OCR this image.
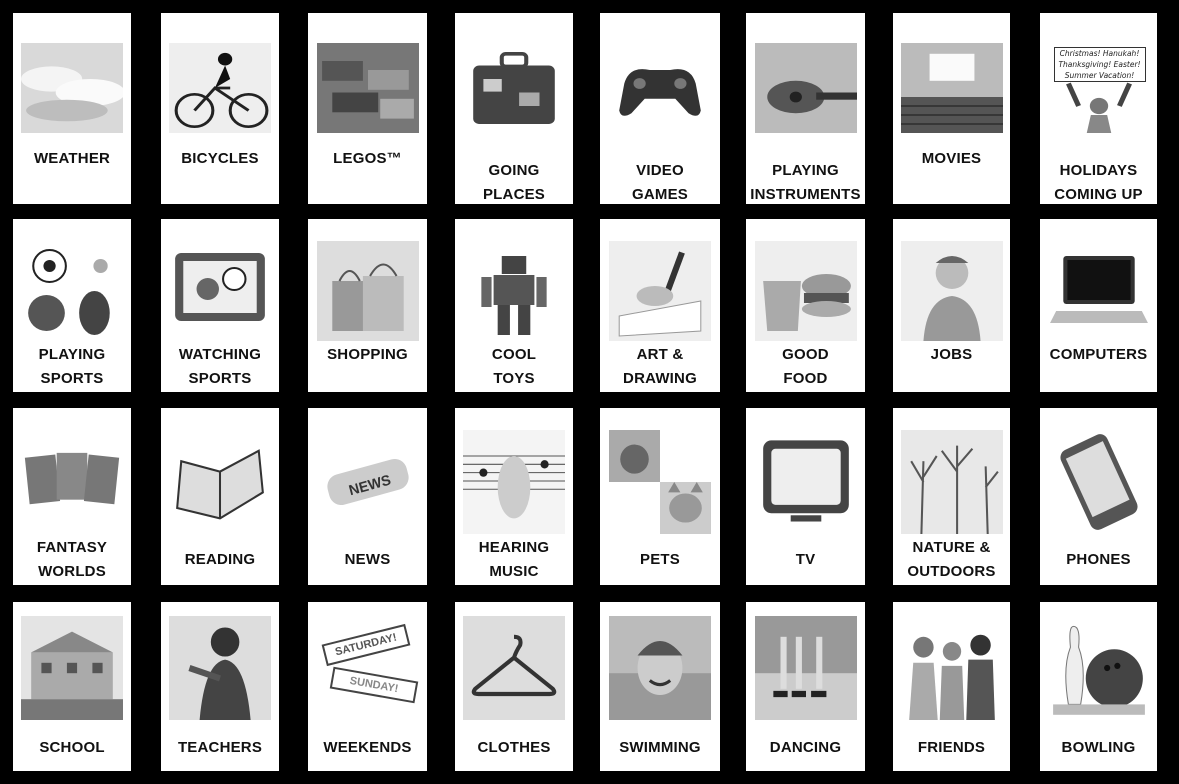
WEATHER	BICYCLES	LEGOS™
GOING
PLACES
VIDEO
GAMES
PLAYING
INSTRUMENTS
MOVIES
Christmas! Hanukah!
Thanksgiving! Easter!
Summer Vacation!
HOLIDAYS
COMING UP
PLAYING
SPORTS
WATCHING
SPORTS
SHOPPING	COOL
TOYS
ART &
DRAWING
GOOD
FOOD
JOBS	COMPUTERS
FANTASY
WORLDS
READING
NEWS
NEWS
HEARING
MUSIC
PETS	TV
NATURE &
OUTDOORS
PHONES
SCHOOL	TEACHERS
SATURDAY!
SUNDAY!
WEEKENDS	CLOTHES	SWIMMING	DANCING	FRIENDS	BOWLING
